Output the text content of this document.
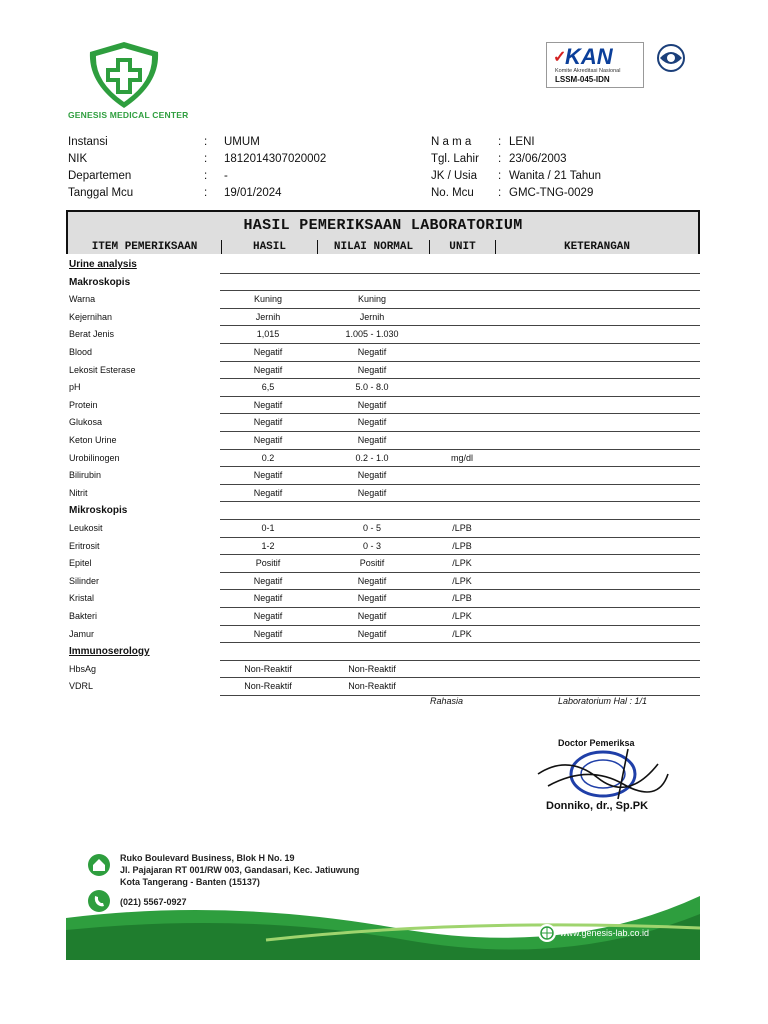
GENESIS MEDICAL CENTER
✓
KAN
Komite Akreditasi Nasional
LSSM-045-IDN
Instansi	: UMUM
NIK	: 1812014307020002
Departemen	: -
Tanggal Mcu	: 19/01/2024
N a m a : LENI
Tgl. Lahir : 23/06/2003
JK / Usia : Wanita / 21 Tahun
No. Mcu : GMC-TNG-0029
HASIL PEMERIKSAAN LABORATORIUM
ITEM PEMERIKSAAN	HASIL	NILAI NORMAL	UNIT	KETERANGAN
Urine analysis
Makroskopis
Warna	Kuning	Kuning
Kejernihan	Jernih	Jernih
Berat Jenis	1,015	1.005 - 1.030
Blood	Negatif	Negatif
Lekosit Esterase	Negatif	Negatif
pH	6,5	5.0 - 8.0
Protein	Negatif	Negatif
Glukosa	Negatif	Negatif
Keton Urine	Negatif	Negatif
Urobilinogen	0.2	0.2 - 1.0	mg/dl
Bilirubin	Negatif	Negatif
Nitrit	Negatif	Negatif
Mikroskopis
Leukosit	0-1	0 - 5	/LPB
Eritrosit	1-2	0 - 3	/LPB
Epitel	Positif	Positif	/LPK
Silinder	Negatif	Negatif	/LPK
Kristal	Negatif	Negatif	/LPB
Bakteri	Negatif	Negatif	/LPK
Jamur	Negatif	Negatif	/LPK
Immunoserology
HbsAg	Non-Reaktif	Non-Reaktif
VDRL	Non-Reaktif	Non-Reaktif
Rahasia	Laboratorium Hal : 1/1
Doctor Pemeriksa
Donniko, dr., Sp.PK
Ruko Boulevard Business, Blok H No. 19
Jl. Pajajaran RT 001/RW 003, Gandasari, Kec. Jatiuwung
Kota Tangerang - Banten (15137)
(021) 5567-0927
www.genesis-lab.co.id
